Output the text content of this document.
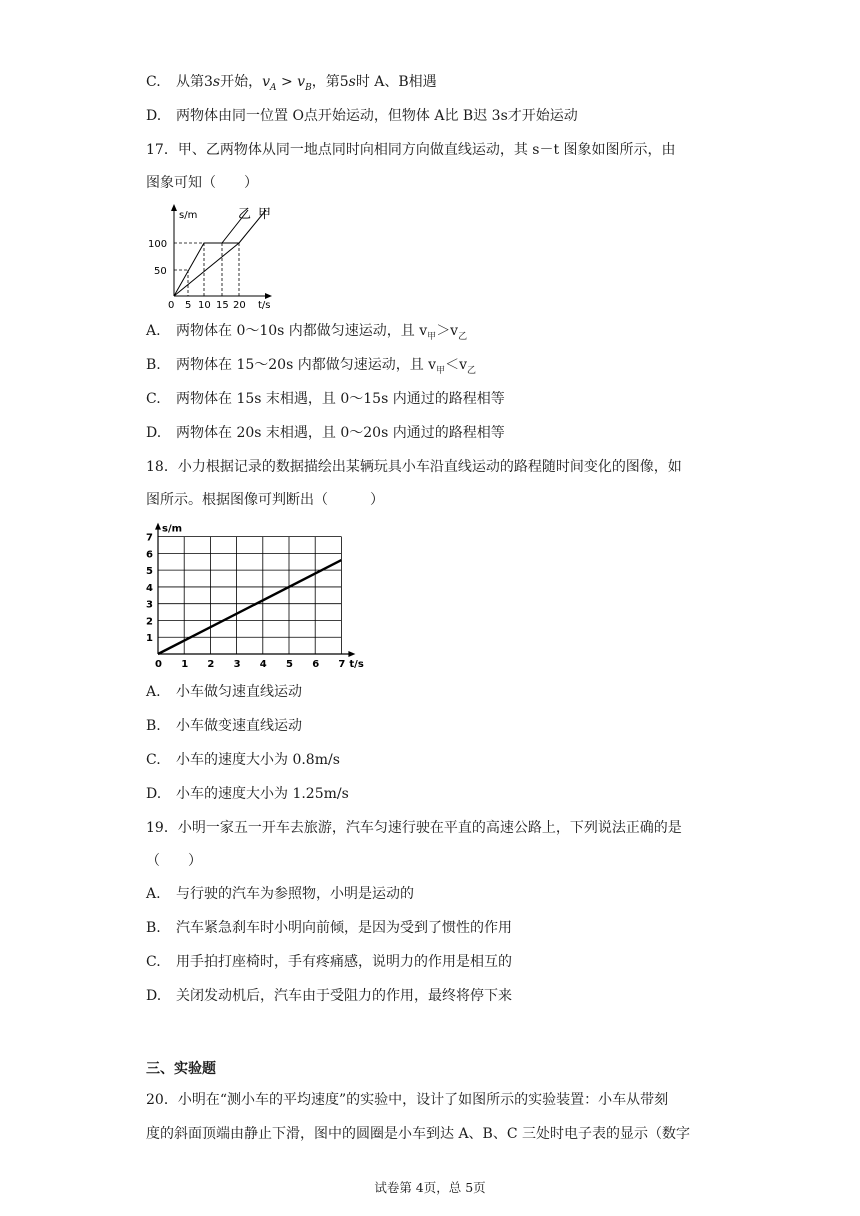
C. 从第3s开始，$v_A > v_B$，第5s时 A、B相遇
D. 两物体由同一位置 O点开始运动，但物体 A比 B迟 3s才开始运动
17．甲、乙两物体从同一地点同时向相同方向做直线运动，其 s－t 图象如图所示，由
图象可知（　　）
s/m
t/s
100
50
0 5 10 15 20
乙 甲
A. 两物体在 0～10s 内都做匀速运动，且 $v_甲>v_乙$
B. 两物体在 15～20s 内都做匀速运动，且 $v_甲<v_乙$
C. 两物体在 15s 末相遇，且 0～15s 内通过的路程相等
D. 两物体在 20s 末相遇，且 0～20s 内通过的路程相等
18．小力根据记录的数据描绘出某辆玩具小车沿直线运动的路程随时间变化的图像，如
图所示。根据图像可判断出（　　　）
0 1 2 3 4 5 6 7
1
2
3
4
5
6
7
s/m
t/s
A. 小车做匀速直线运动
B. 小车做变速直线运动
C. 小车的速度大小为 0.8m/s
D. 小车的速度大小为 1.25m/s
19．小明一家五一开车去旅游，汽车匀速行驶在平直的高速公路上，下列说法正确的是
（　　）
A. 与行驶的汽车为参照物，小明是运动的
B. 汽车紧急刹车时小明向前倾，是因为受到了惯性的作用
C. 用手拍打座椅时，手有疼痛感，说明力的作用是相互的
D. 关闭发动机后，汽车由于受阻力的作用，最终将停下来
三、实验题
20．小明在“测小车的平均速度”的实验中，设计了如图所示的实验装置：小车从带刻
度的斜面顶端由静止下滑，图中的圆圈是小车到达 A、B、C 三处时电子表的显示（数字
试卷第 4页，总 5页
